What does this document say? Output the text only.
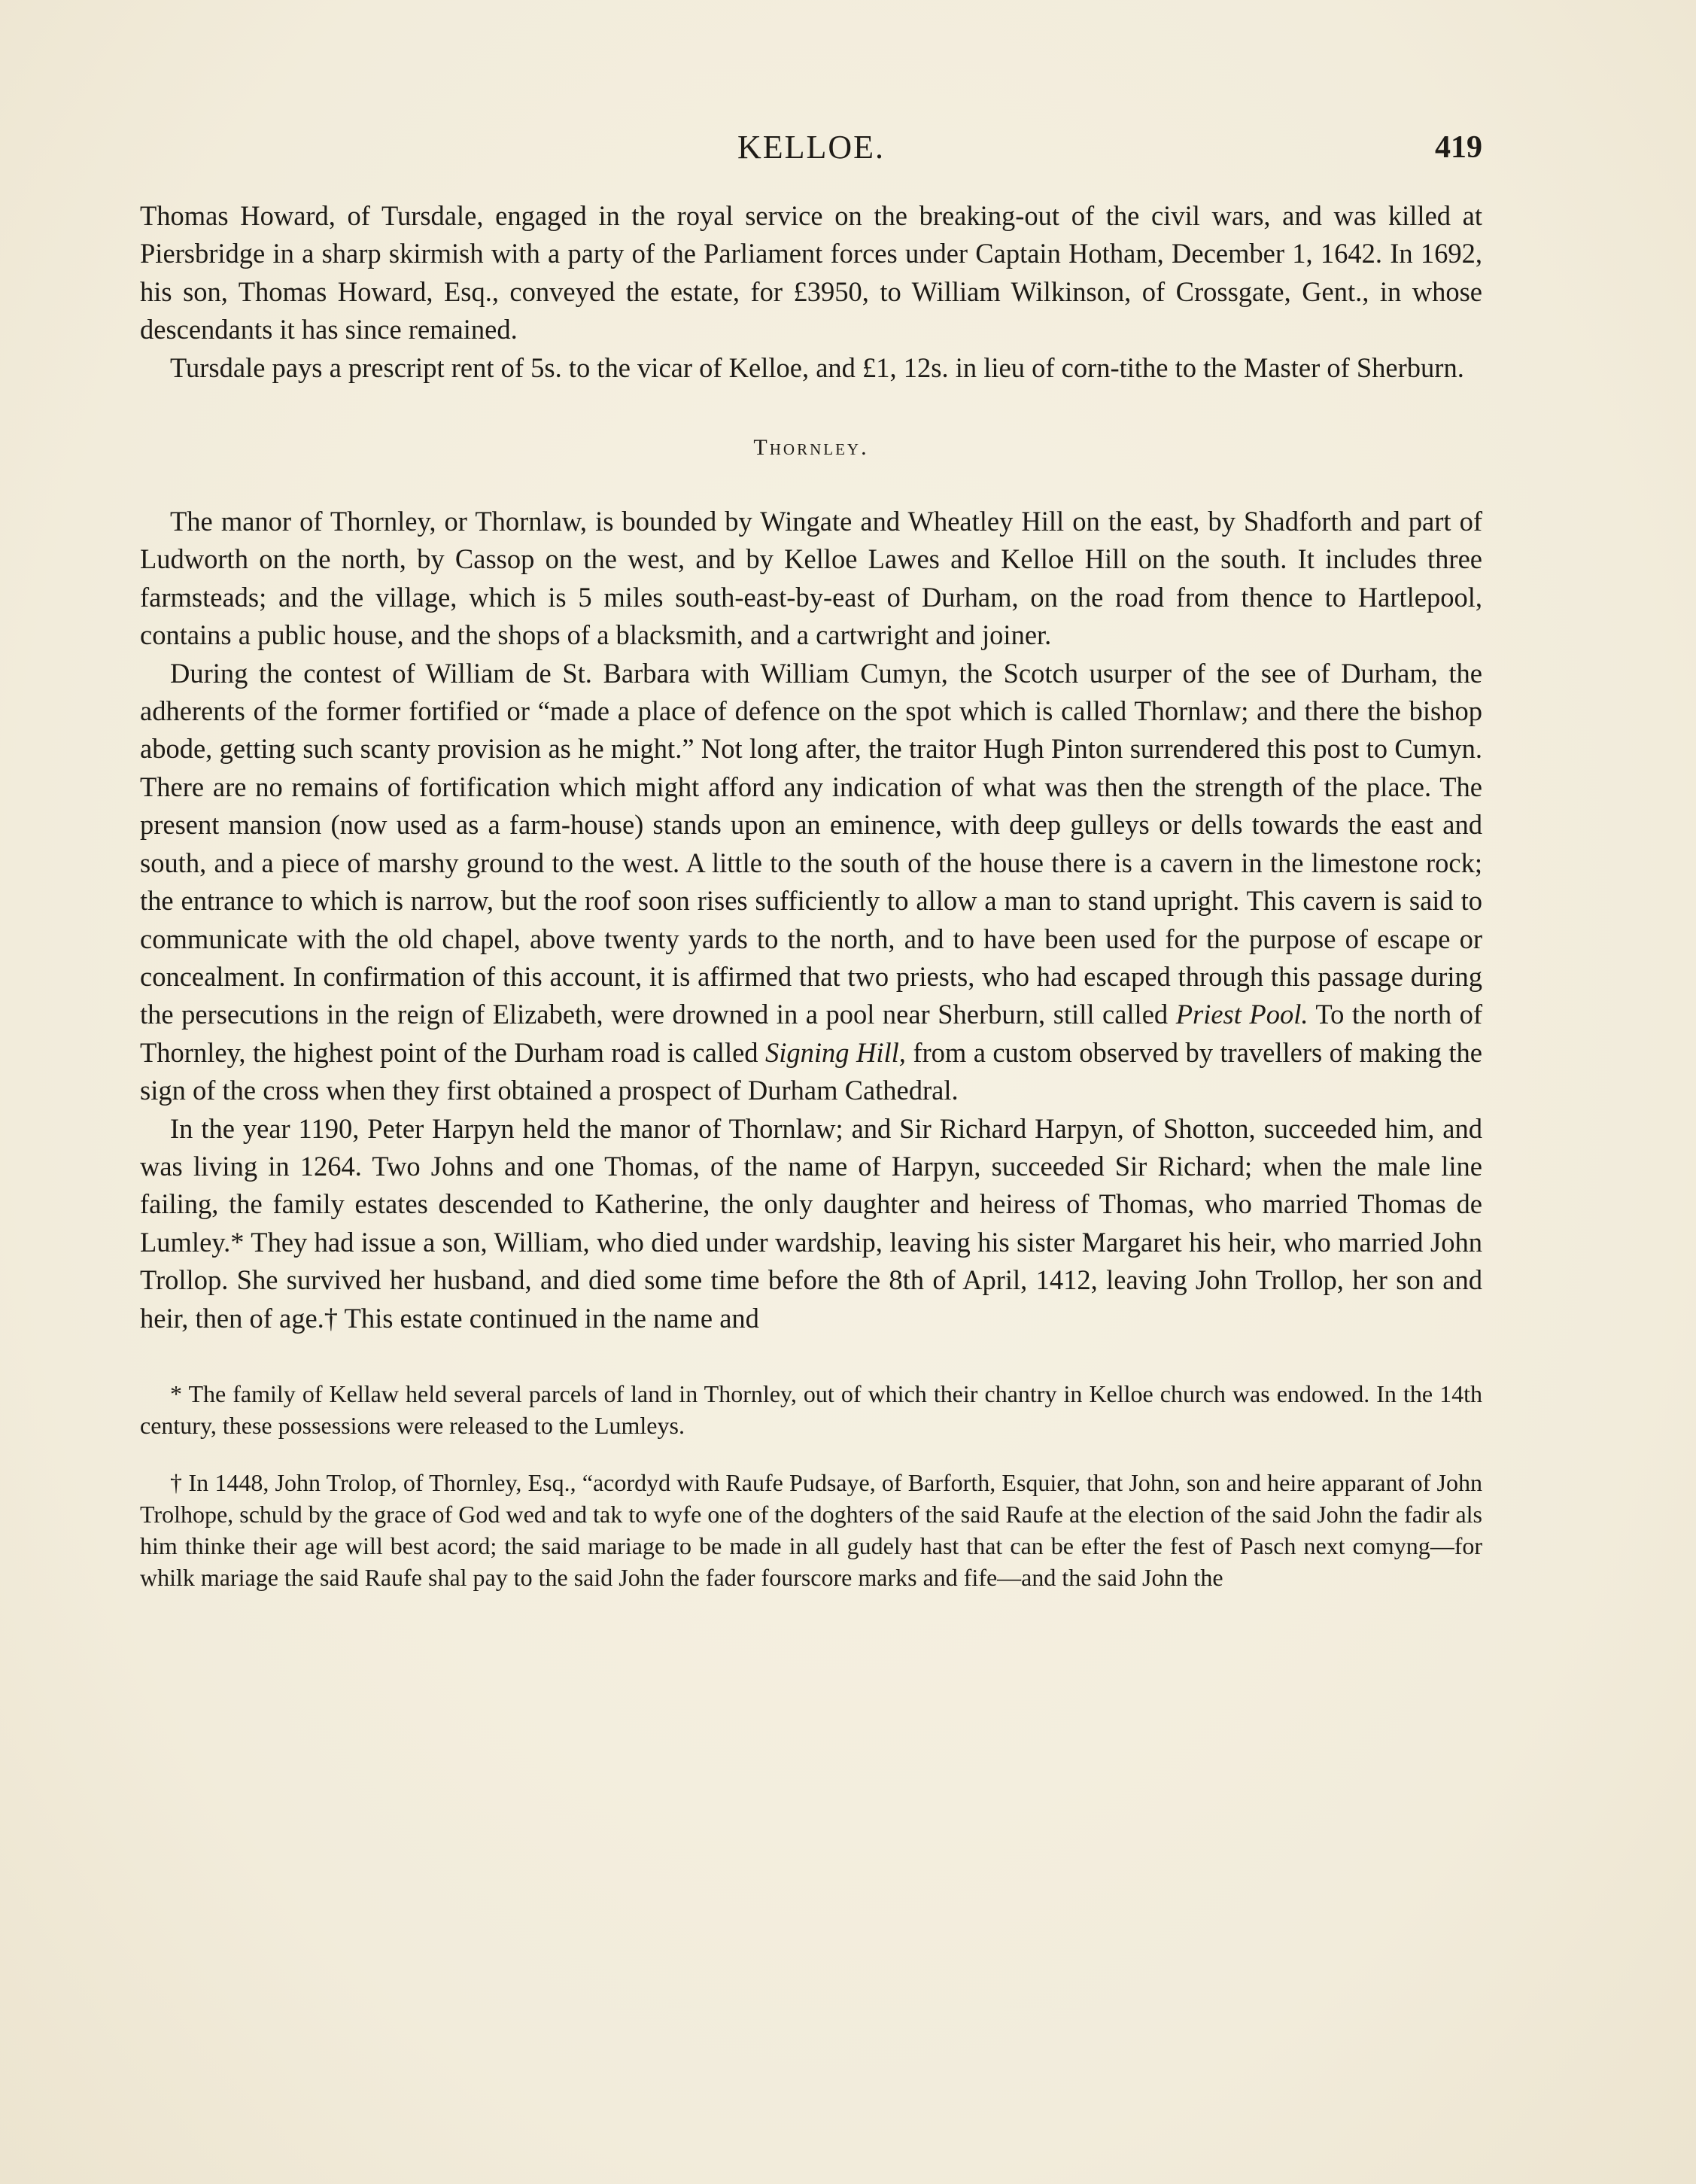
KELLOE.	419

Thomas Howard, of Tursdale, engaged in the royal service on the breaking-out of the civil wars, and was killed at Piersbridge in a sharp skirmish with a party of the Parliament forces under Captain Hotham, December 1, 1642. In 1692, his son, Thomas Howard, Esq., conveyed the estate, for £3950, to William Wilkinson, of Crossgate, Gent., in whose descendants it has since remained.

Tursdale pays a prescript rent of 5s. to the vicar of Kelloe, and £1, 12s. in lieu of corn-tithe to the Master of Sherburn.

Thornley.

The manor of Thornley, or Thornlaw, is bounded by Wingate and Wheatley Hill on the east, by Shadforth and part of Ludworth on the north, by Cassop on the west, and by Kelloe Lawes and Kelloe Hill on the south. It includes three farmsteads; and the village, which is 5 miles south-east-by-east of Durham, on the road from thence to Hartlepool, contains a public house, and the shops of a blacksmith, and a cartwright and joiner.

During the contest of William de St. Barbara with William Cumyn, the Scotch usurper of the see of Durham, the adherents of the former fortified or “made a place of defence on the spot which is called Thornlaw; and there the bishop abode, getting such scanty provision as he might.” Not long after, the traitor Hugh Pinton surrendered this post to Cumyn. There are no remains of fortification which might afford any indication of what was then the strength of the place. The present mansion (now used as a farm-house) stands upon an eminence, with deep gulleys or dells towards the east and south, and a piece of marshy ground to the west. A little to the south of the house there is a cavern in the limestone rock; the entrance to which is narrow, but the roof soon rises sufficiently to allow a man to stand upright. This cavern is said to communicate with the old chapel, above twenty yards to the north, and to have been used for the purpose of escape or concealment. In confirmation of this account, it is affirmed that two priests, who had escaped through this passage during the persecutions in the reign of Elizabeth, were drowned in a pool near Sherburn, still called Priest Pool. To the north of Thornley, the highest point of the Durham road is called Signing Hill, from a custom observed by travellers of making the sign of the cross when they first obtained a prospect of Durham Cathedral.

In the year 1190, Peter Harpyn held the manor of Thornlaw; and Sir Richard Harpyn, of Shotton, succeeded him, and was living in 1264. Two Johns and one Thomas, of the name of Harpyn, succeeded Sir Richard; when the male line failing, the family estates descended to Katherine, the only daughter and heiress of Thomas, who married Thomas de Lumley.* They had issue a son, William, who died under wardship, leaving his sister Margaret his heir, who married John Trollop. She survived her husband, and died some time before the 8th of April, 1412, leaving John Trollop, her son and heir, then of age.† This estate continued in the name and

* The family of Kellaw held several parcels of land in Thornley, out of which their chantry in Kelloe church was endowed. In the 14th century, these possessions were released to the Lumleys.

† In 1448, John Trolop, of Thornley, Esq., “acordyd with Raufe Pudsaye, of Barforth, Esquier, that John, son and heire apparant of John Trolhope, schuld by the grace of God wed and tak to wyfe one of the doghters of the said Raufe at the election of the said John the fadir als him thinke their age will best acord; the said mariage to be made in all gudely hast that can be efter the fest of Pasch next comyng—for whilk mariage the said Raufe shal pay to the said John the fader fourscore marks and fife—and the said John the
